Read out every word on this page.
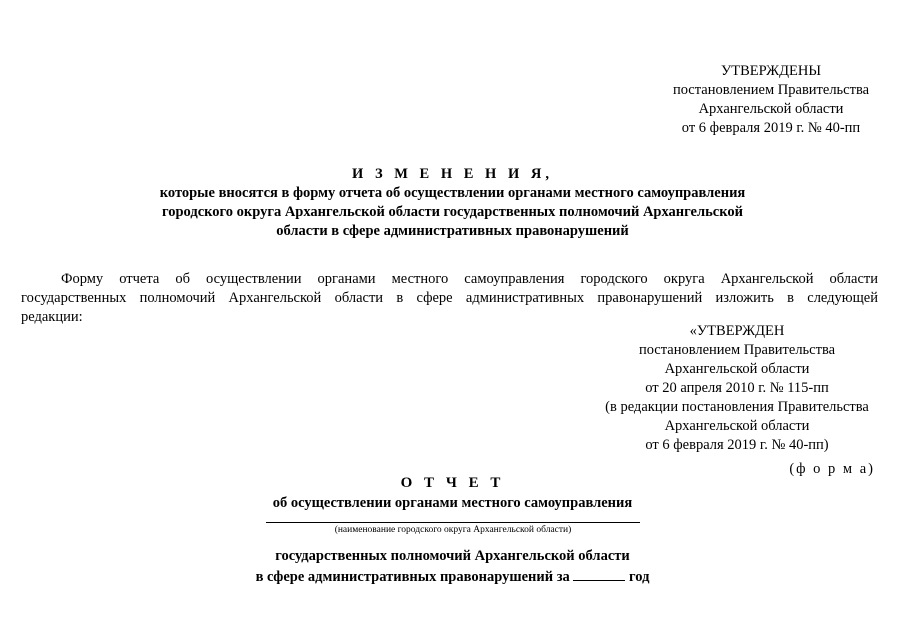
УТВЕРЖДЕНЫ
постановлением Правительства
Архангельской области
от 6 февраля 2019 г. № 40-пп
И З М Е Н Е Н И Я,
которые вносятся в форму отчета об осуществлении органами местного самоуправления
городского округа Архангельской области государственных полномочий Архангельской
области в сфере административных правонарушений
Форму отчета об осуществлении органами местного самоуправления городского округа Архангельской области
государственных полномочий Архангельской области в сфере административных правонарушений изложить в следующей
редакции:
«УТВЕРЖДЕН
постановлением Правительства
Архангельской области
от 20 апреля 2010 г. № 115-пп
(в редакции постановления Правительства
Архангельской области
от 6 февраля 2019 г. № 40-пп)
(ф о р м а)
О Т Ч Е Т
об осуществлении органами местного самоуправления
(наименование городского округа Архангельской области)
государственных полномочий Архангельской области
в сфере административных правонарушений за	год
